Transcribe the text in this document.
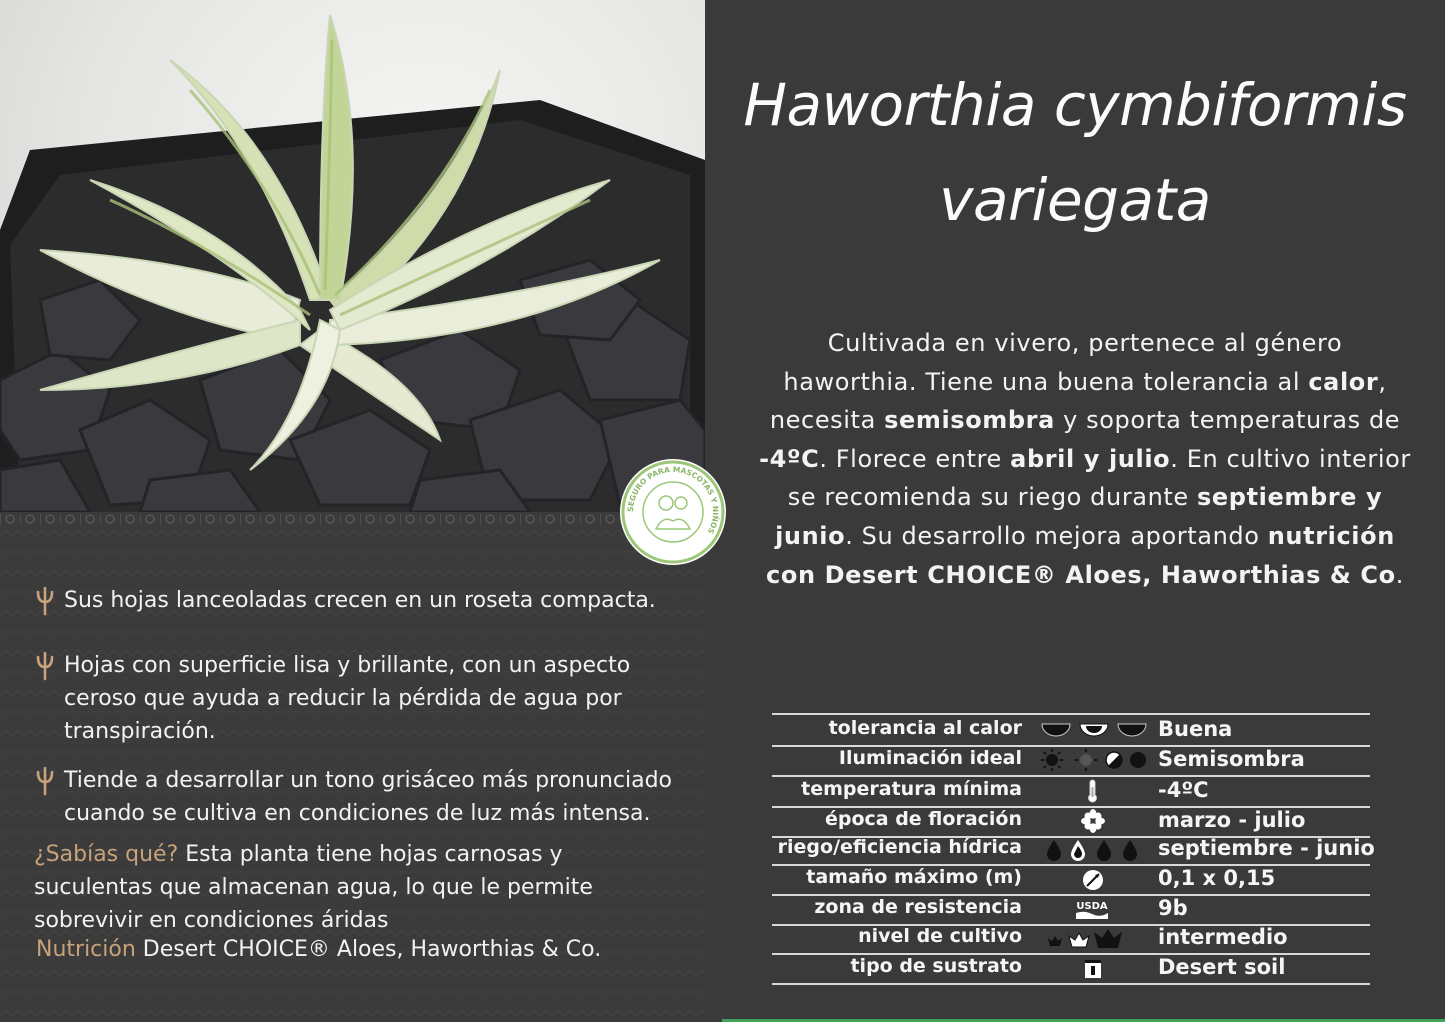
Sus hojas lanceoladas crecen en un roseta compacta.
Hojas con superficie lisa y brillante, con un aspecto ceroso que ayuda a reducir la pérdida de agua por transpiración.
Tiende a desarrollar un tono grisáceo más pronunciado cuando se cultiva en condiciones de luz más intensa.
¿Sabías qué? Esta planta tiene hojas carnosas y suculentas que almacenan agua, lo que le permite sobrevivir en condiciones áridas
Nutrición Desert CHOICE® Aloes, Haworthias & Co.
SEGURO PARA MASCOTAS Y NIÑOS
Haworthia cymbiformis
variegata
Cultivada en vivero, pertenece al género
haworthia. Tiene una buena tolerancia al calor,
necesita semisombra y soporta temperaturas de
-4ºC. Florece entre abril y julio. En cultivo interior
se recomienda su riego durante septiembre y
junio. Su desarrollo mejora aportando nutrición
con Desert CHOICE® Aloes, Haworthias & Co.
tolerancia al calor	Buena
Iluminación ideal	Semisombra
temperatura mínima	-4ºC
época de floración	marzo - julio
riego/eficiencia hídrica	septiembre - junio
tamaño máximo (m)	0,1 x 0,15
zona de resistencia	USDA 9b
nivel de cultivo	intermedio
tipo de sustrato	Desert soil
